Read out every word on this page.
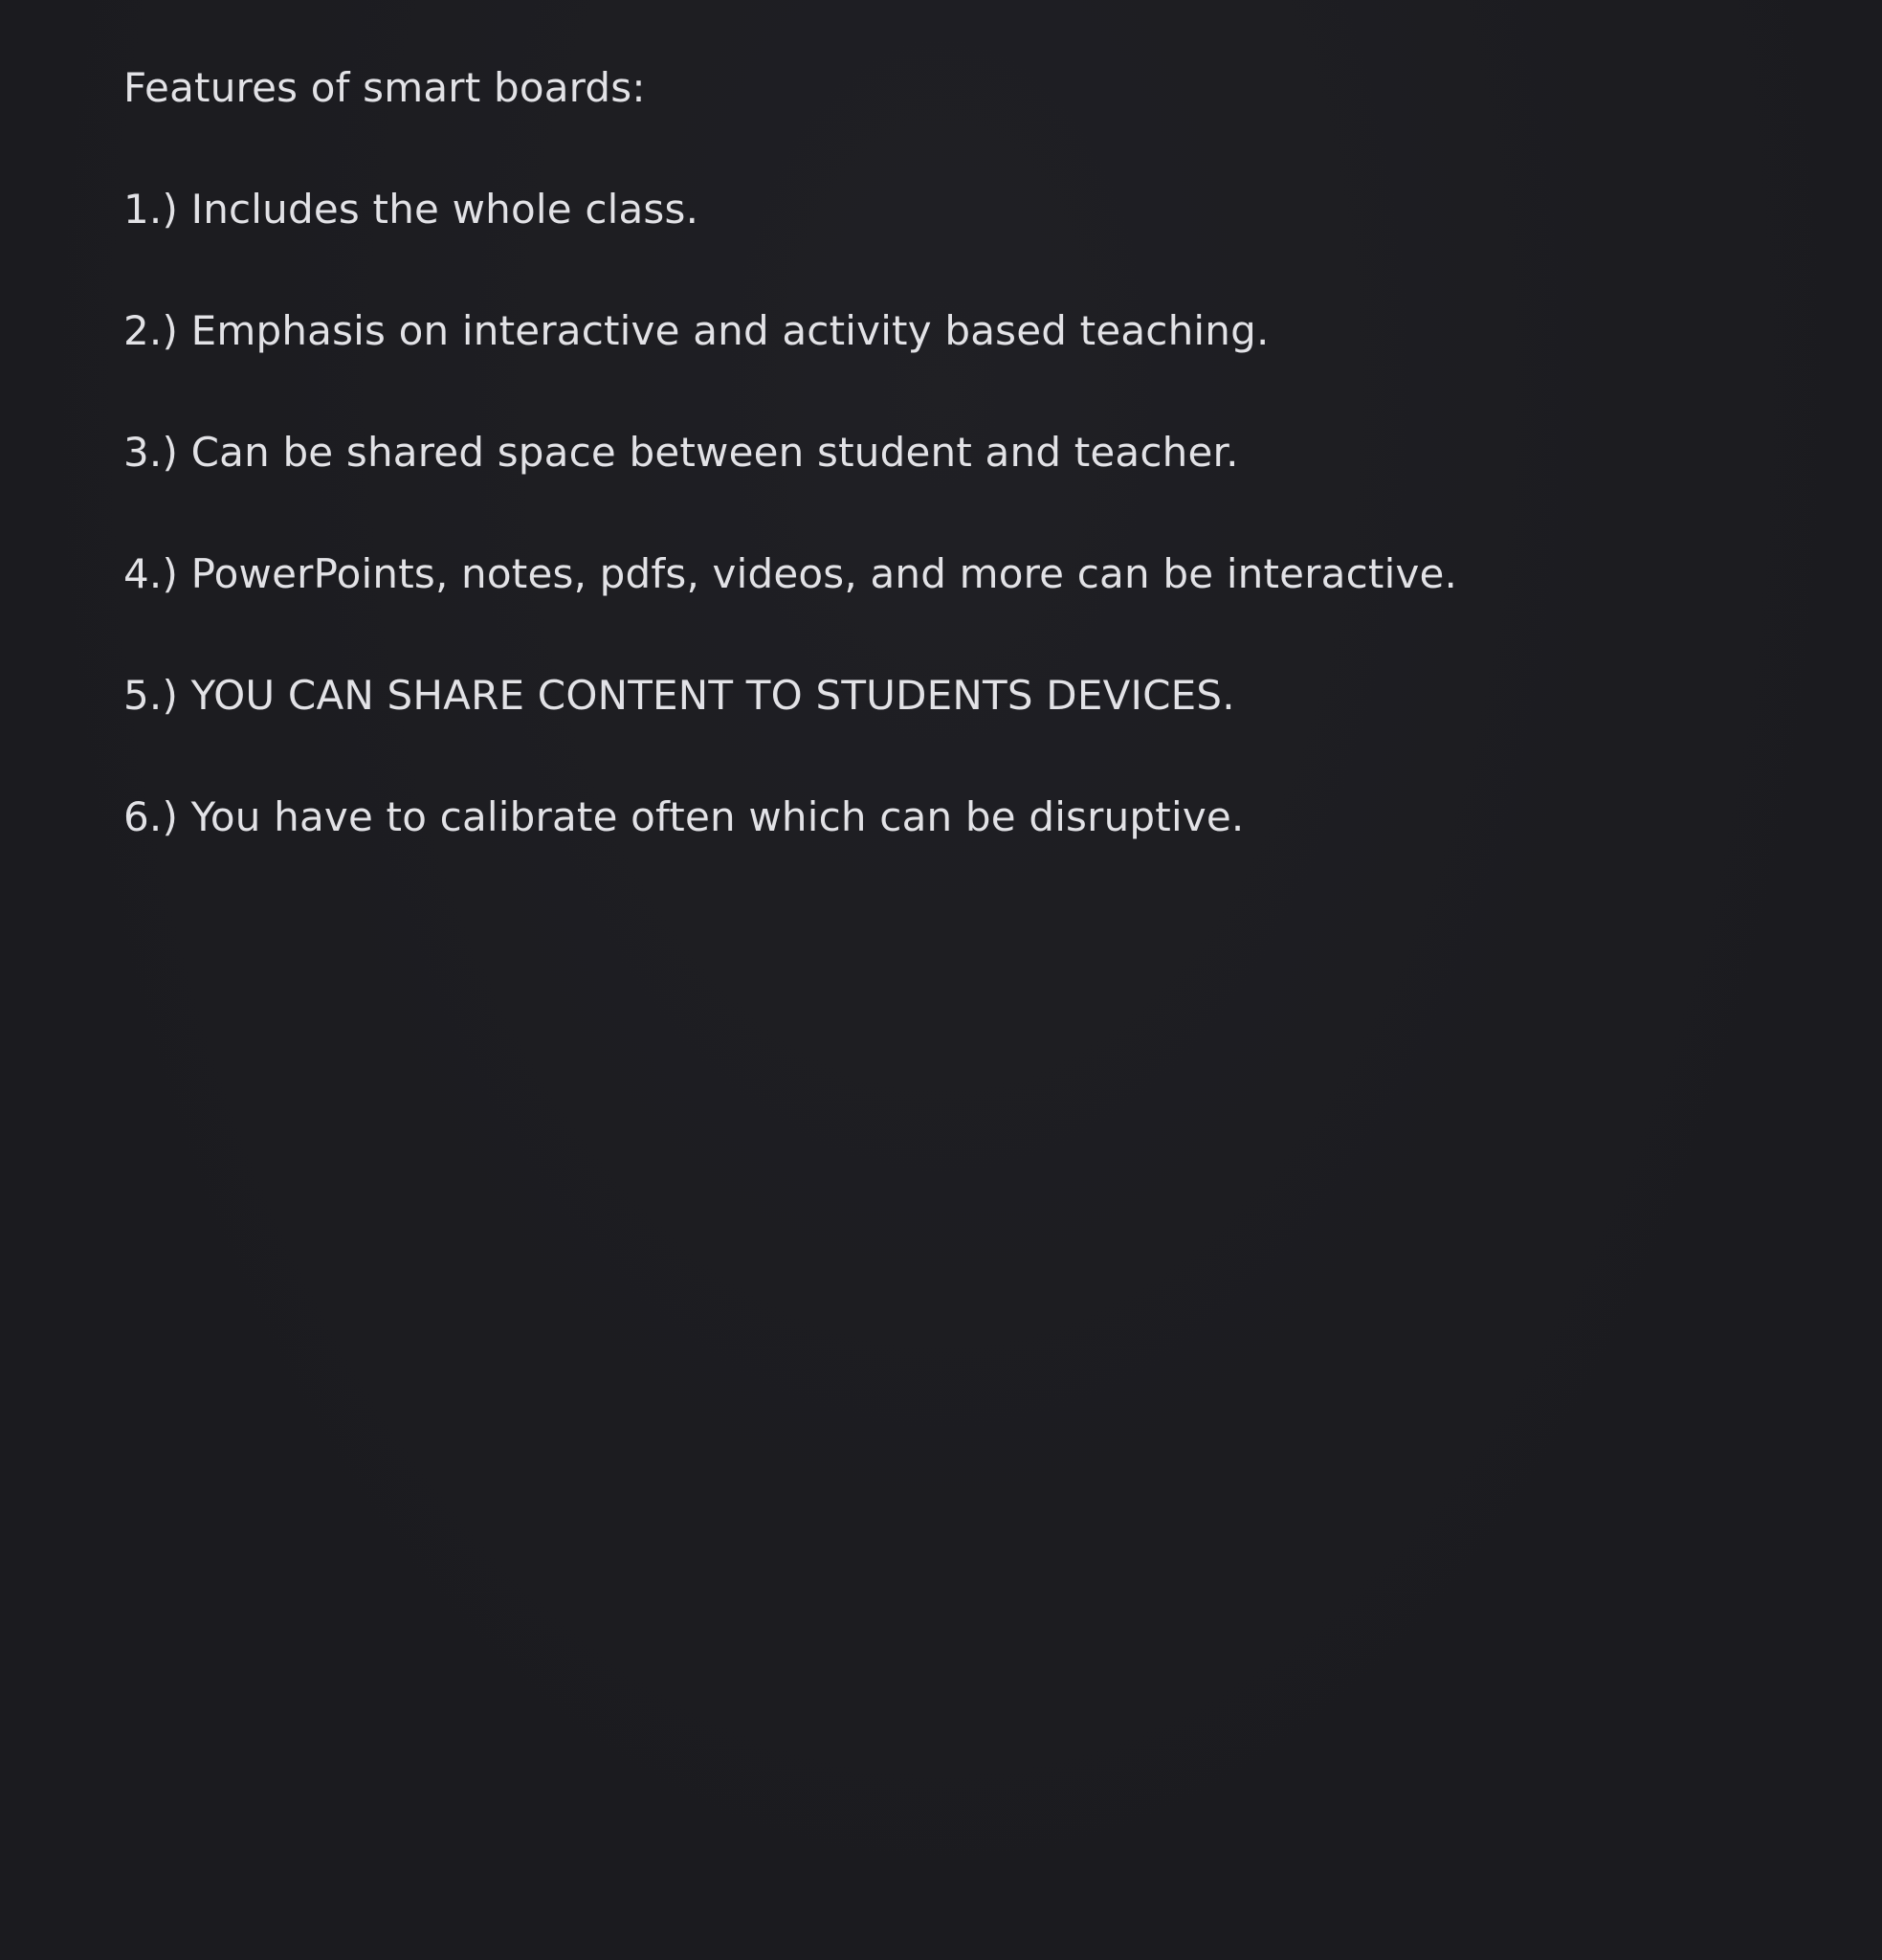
Features of smart boards:
1.) Includes the whole class.
2.) Emphasis on interactive and activity based teaching.
3.) Can be shared space between student and teacher.
4.) PowerPoints, notes, pdfs, videos, and more can be interactive.
5.) YOU CAN SHARE CONTENT TO STUDENTS DEVICES.
6.) You have to calibrate often which can be disruptive.
